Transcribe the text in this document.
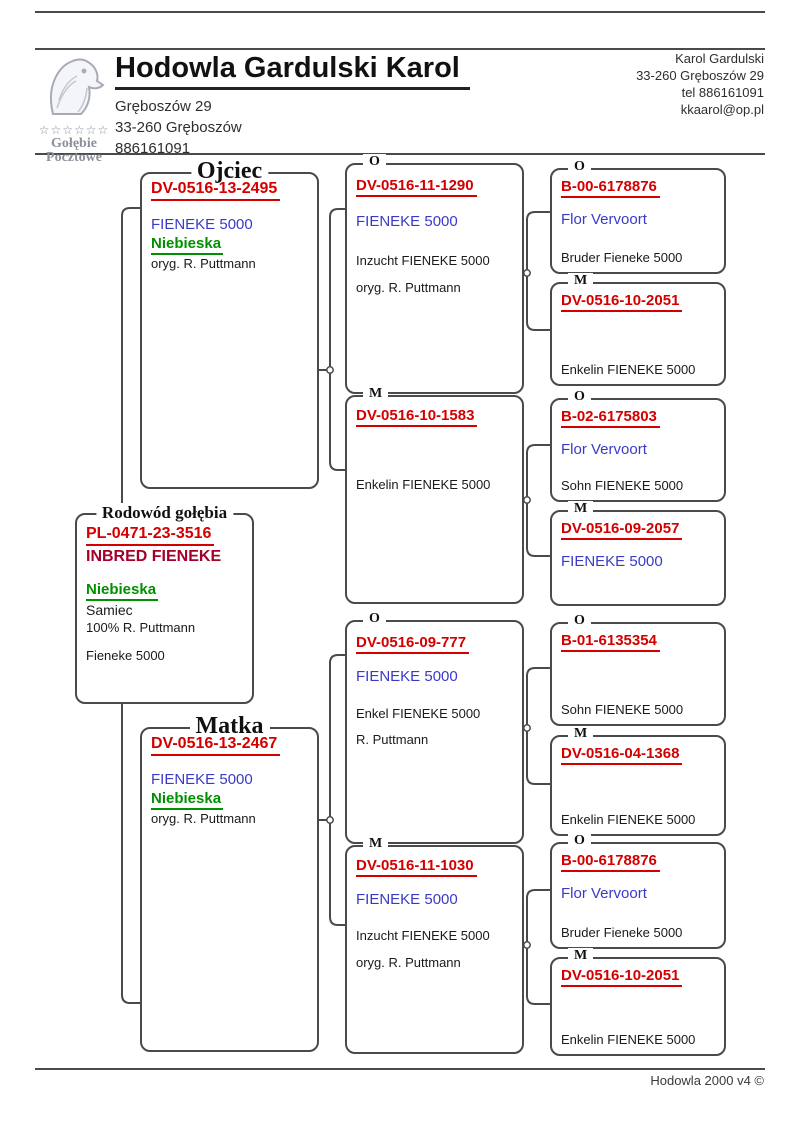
☆☆☆☆☆☆
Gołębie
Pocztowe
Hodowla Gardulski Karol
Gręboszów 29
33-260 Gręboszów
886161091
Karol Gardulski
33-260 Gręboszów 29
tel 886161091
kkaarol@op.pl
Rodowód gołębia
PL-0471-23-3516
INBRED FIENEKE
Niebieska
Samiec
100% R. Puttmann
Fieneke 5000
Ojciec
DV-0516-13-2495
FIENEKE 5000
Niebieska
oryg. R. Puttmann
Matka
DV-0516-13-2467
FIENEKE 5000
Niebieska
oryg. R. Puttmann
O
DV-0516-11-1290
FIENEKE 5000
Inzucht FIENEKE 5000
oryg. R. Puttmann
M
DV-0516-10-1583
Enkelin FIENEKE 5000
O
DV-0516-09-777
FIENEKE 5000
Enkel FIENEKE 5000
R. Puttmann
M
DV-0516-11-1030
FIENEKE 5000
Inzucht FIENEKE 5000
oryg. R. Puttmann
O
B-00-6178876
Flor Vervoort
Bruder Fieneke 5000
M
DV-0516-10-2051
Enkelin FIENEKE 5000
O
B-02-6175803
Flor Vervoort
Sohn FIENEKE 5000
M
DV-0516-09-2057
FIENEKE 5000
O
B-01-6135354
Sohn FIENEKE 5000
M
DV-0516-04-1368
Enkelin FIENEKE 5000
O
B-00-6178876
Flor Vervoort
Bruder Fieneke 5000
M
DV-0516-10-2051
Enkelin FIENEKE 5000
Hodowla 2000 v4 ©
